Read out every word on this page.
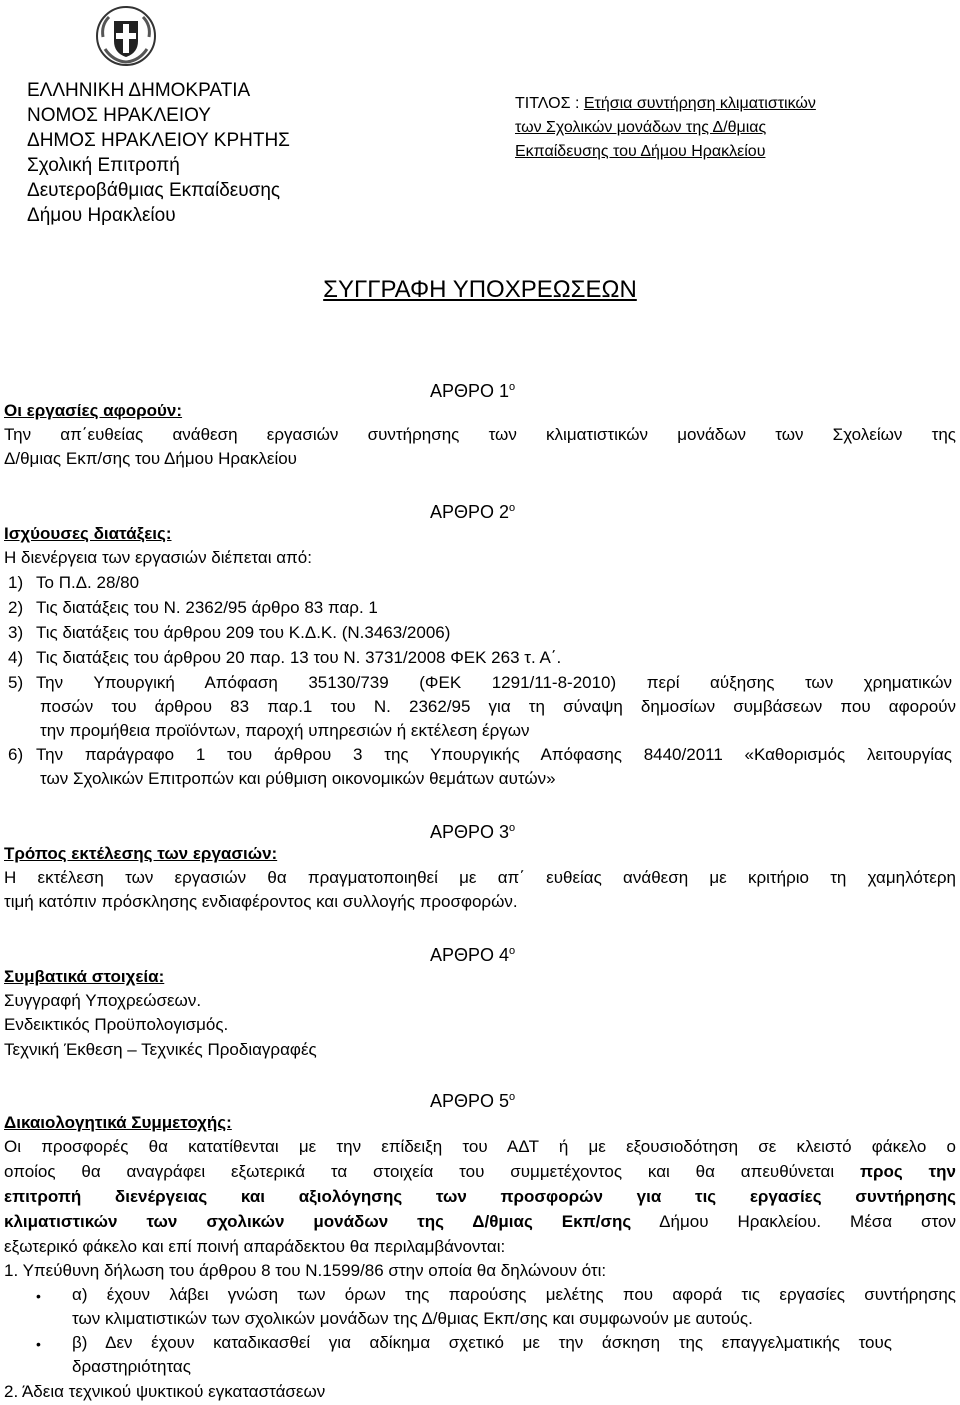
ΕΛΛΗΝΙΚΗ ΔΗΜΟΚΡΑΤΙΑ
ΝΟΜΟΣ ΗΡΑΚΛΕΙΟΥ
ΔΗΜΟΣ ΗΡΑΚΛΕΙΟΥ ΚΡΗΤΗΣ
Σχολική Επιτροπή
Δευτεροβάθμιας Εκπαίδευσης
Δήμου Ηρακλείου
ΤΙΤΛΟΣ : Ετήσια συντήρηση κλιματιστικών
των Σχολικών μονάδων της Δ/θμιας
Εκπαίδευσης του Δήμου Ηρακλείου
ΣΥΓΓΡΑΦΗ ΥΠΟΧΡΕΩΣΕΩΝ
ΑΡΘΡΟ $1^o$
Οι εργασίες αφορούν:
Την απ΄ευθείας ανάθεση εργασιών συντήρησης των κλιματιστικών μονάδων των Σχολείων της
Δ/θμιας Εκπ/σης του Δήμου Ηρακλείου
ΑΡΘΡΟ $2^o$
Ισχύουσες διατάξεις:
Η διενέργεια των εργασιών διέπεται από:
1) Το Π.Δ. 28/80
2) Τις διατάξεις του Ν. 2362/95 άρθρο 83 παρ. 1
3) Τις διατάξεις του άρθρου 209 του Κ.Δ.Κ. (Ν.3463/2006)
4) Τις διατάξεις του άρθρου 20 παρ. 13 του Ν. 3731/2008 ΦΕΚ 263 τ. Α΄.
5) Την Υπουργική Απόφαση 35130/739 (ΦΕΚ 1291/11-8-2010) περί αύξησης των χρηματικών
ποσών του άρθρου 83 παρ.1 του Ν. 2362/95 για τη σύναψη δημοσίων συμβάσεων που αφορούν
την προμήθεια προϊόντων, παροχή υπηρεσιών ή εκτέλεση έργων
6) Την παράγραφο 1 του άρθρου 3 της Υπουργικής Απόφασης 8440/2011 «Καθορισμός λειτουργίας
των Σχολικών Επιτροπών και ρύθμιση οικονομικών θεμάτων αυτών»
ΑΡΘΡΟ $3^o$
Τρόπος εκτέλεσης των εργασιών:
Η εκτέλεση των εργασιών θα πραγματοποιηθεί με απ΄ ευθείας ανάθεση με κριτήριο τη χαμηλότερη
τιμή κατόπιν πρόσκλησης ενδιαφέροντος και συλλογής προσφορών.
ΑΡΘΡΟ $4^o$
Συμβατικά στοιχεία:
Συγγραφή Υποχρεώσεων.
Ενδεικτικός Προϋπολογισμός.
Τεχνική Έκθεση – Τεχνικές Προδιαγραφές
ΑΡΘΡΟ $5^o$
Δικαιολογητικά Συμμετοχής:
Οι προσφορές θα κατατίθενται με την επίδειξη του ΑΔΤ ή με εξουσιοδότηση σε κλειστό φάκελο ο
οποίος θα αναγράφει εξωτερικά τα στοιχεία του συμμετέχοντος και θα απευθύνεται προς την
επιτροπή διενέργειας και αξιολόγησης των προσφορών για τις εργασίες συντήρησης
κλιματιστικών των σχολικών μονάδων της Δ/θμιας Εκπ/σης Δήμου Ηρακλείου. Μέσα στον
εξωτερικό φάκελο και επί ποινή απαράδεκτου θα περιλαμβάνονται:
1. Υπεύθυνη δήλωση του άρθρου 8 του Ν.1599/86 στην οποία θα δηλώνουν ότι:
• α) έχουν λάβει γνώση των όρων της παρούσης μελέτης που αφορά τις εργασίες συντήρησης
των κλιματιστικών των σχολικών μονάδων της Δ/θμιας Εκπ/σης και συμφωνούν με αυτούς.
• β) Δεν έχουν καταδικασθεί για αδίκημα σχετικό με την άσκηση της επαγγελματικής τους
δραστηριότητας
2. Άδεια τεχνικού ψυκτικού εγκαταστάσεων
